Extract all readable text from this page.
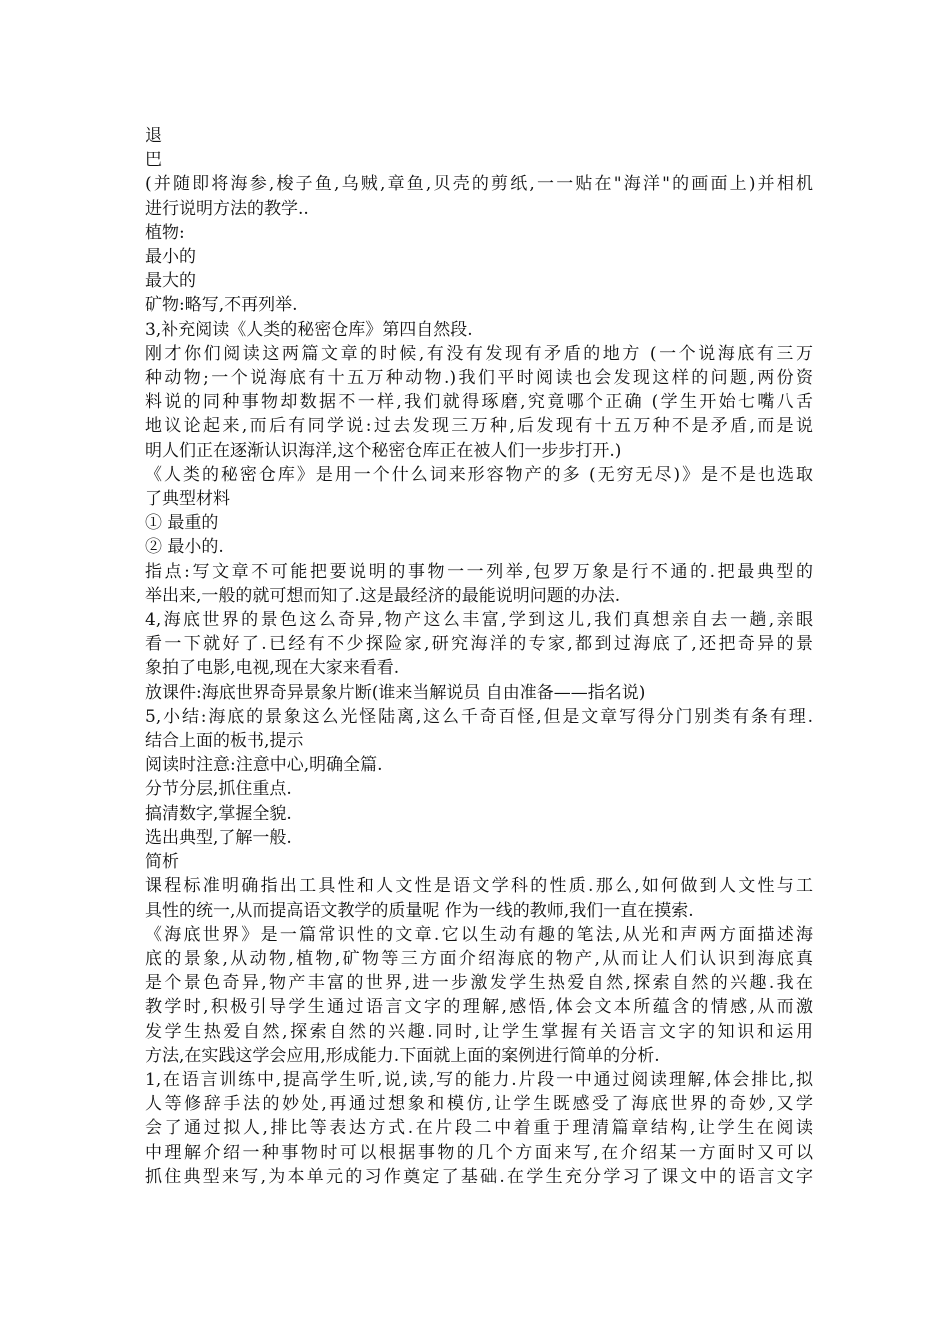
退
巴
(并随即将海参,梭子鱼,乌贼,章鱼,贝壳的剪纸,一一贴在"海洋"的画面上)并相机
进行说明方法的教学..
植物:
最小的
最大的
矿物:略写,不再列举.
3,补充阅读《人类的秘密仓库》第四自然段.
刚才你们阅读这两篇文章的时候,有没有发现有矛盾的地方 (一个说海底有三万
种动物;一个说海底有十五万种动物.)我们平时阅读也会发现这样的问题,两份资
料说的同种事物却数据不一样,我们就得琢磨,究竟哪个正确 (学生开始七嘴八舌
地议论起来,而后有同学说:过去发现三万种,后发现有十五万种不是矛盾,而是说
明人们正在逐渐认识海洋,这个秘密仓库正在被人们一步步打开.)
《人类的秘密仓库》是用一个什么词来形容物产的多 (无穷无尽)》是不是也选取
了典型材料
① 最重的
② 最小的.
指点:写文章不可能把要说明的事物一一列举,包罗万象是行不通的.把最典型的
举出来,一般的就可想而知了.这是最经济的最能说明问题的办法.
4,海底世界的景色这么奇异,物产这么丰富,学到这儿,我们真想亲自去一趟,亲眼
看一下就好了.已经有不少探险家,研究海洋的专家,都到过海底了,还把奇异的景
象拍了电影,电视,现在大家来看看.
放课件:海底世界奇异景象片断(谁来当解说员 自由准备——指名说)
5,小结:海底的景象这么光怪陆离,这么千奇百怪,但是文章写得分门别类有条有理.
结合上面的板书,提示
阅读时注意:注意中心,明确全篇.
分节分层,抓住重点.
搞清数字,掌握全貌.
选出典型,了解一般.
简析
课程标准明确指出工具性和人文性是语文学科的性质.那么,如何做到人文性与工
具性的统一,从而提高语文教学的质量呢 作为一线的教师,我们一直在摸索.
《海底世界》是一篇常识性的文章.它以生动有趣的笔法,从光和声两方面描述海
底的景象,从动物,植物,矿物等三方面介绍海底的物产,从而让人们认识到海底真
是个景色奇异,物产丰富的世界,进一步激发学生热爱自然,探索自然的兴趣.我在
教学时,积极引导学生通过语言文字的理解,感悟,体会文本所蕴含的情感,从而激
发学生热爱自然,探索自然的兴趣.同时,让学生掌握有关语言文字的知识和运用
方法,在实践这学会应用,形成能力.下面就上面的案例进行简单的分析.
1,在语言训练中,提高学生听,说,读,写的能力.片段一中通过阅读理解,体会排比,拟
人等修辞手法的妙处,再通过想象和模仿,让学生既感受了海底世界的奇妙,又学
会了通过拟人,排比等表达方式.在片段二中着重于理清篇章结构,让学生在阅读
中理解介绍一种事物时可以根据事物的几个方面来写,在介绍某一方面时又可以
抓住典型来写,为本单元的习作奠定了基础.在学生充分学习了课文中的语言文字
